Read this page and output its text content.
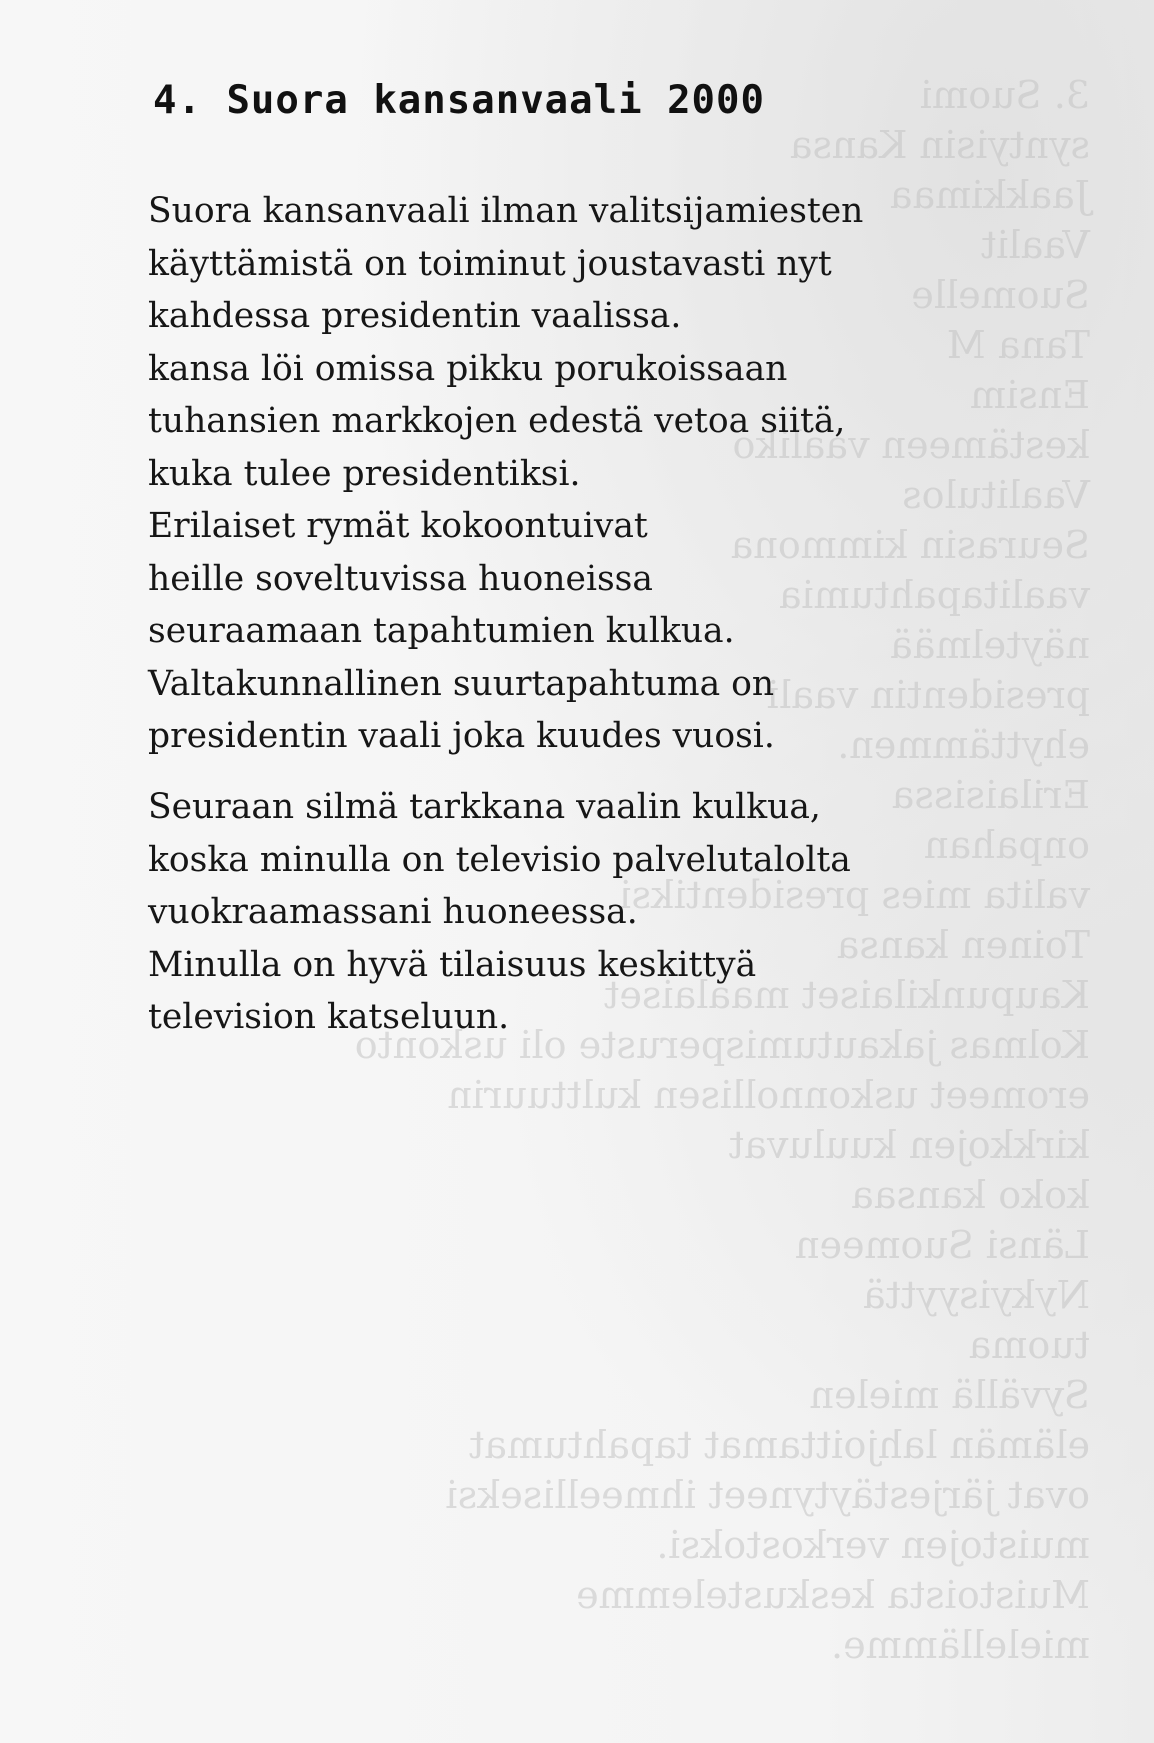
3. Suomi
syntyisin Kansa
Jaakkimaa
Vaalit
Suomelle
Tana M
Ensim
kestämeen vaaliko
Vaalitulos
Seurasin kimmona
vaalitapahtumia
näytelmää
presidentin vaali
ehyttämmen.
Erilaisissa
onpahan
valita mies presidentiksi
Toinen kansa
Kaupunkilaiset maalaiset
Kolmas jakautumisperuste oli uskonto
eromeet uskonnollisen kulttuurin
kirkkojen kuuluvat
koko kansaa
Länsi Suomeen
Nykyisyyttä
tuoma
Syvällä mielen
elämän lahjoittamat tapahtumat
ovat järjestäytyneet ihmeelliseksi
muistojen verkostoksi.
Muistoista keskustelemme
mielellämme.
4. Suora kansanvaali 2000
Suora kansanvaali ilman valitsijamiesten
käyttämistä on toiminut joustavasti nyt
kahdessa presidentin vaalissa.
kansa löi omissa pikku porukoissaan
tuhansien markkojen edestä vetoa siitä,
kuka tulee presidentiksi.
Erilaiset rymät kokoontuivat
heille soveltuvissa huoneissa
seuraamaan tapahtumien kulkua.
Valtakunnallinen suurtapahtuma on
presidentin vaali joka kuudes vuosi.
Seuraan silmä tarkkana vaalin kulkua,
koska minulla on televisio palvelutalolta
vuokraamassani huoneessa.
Minulla on hyvä tilaisuus keskittyä
television katseluun.
